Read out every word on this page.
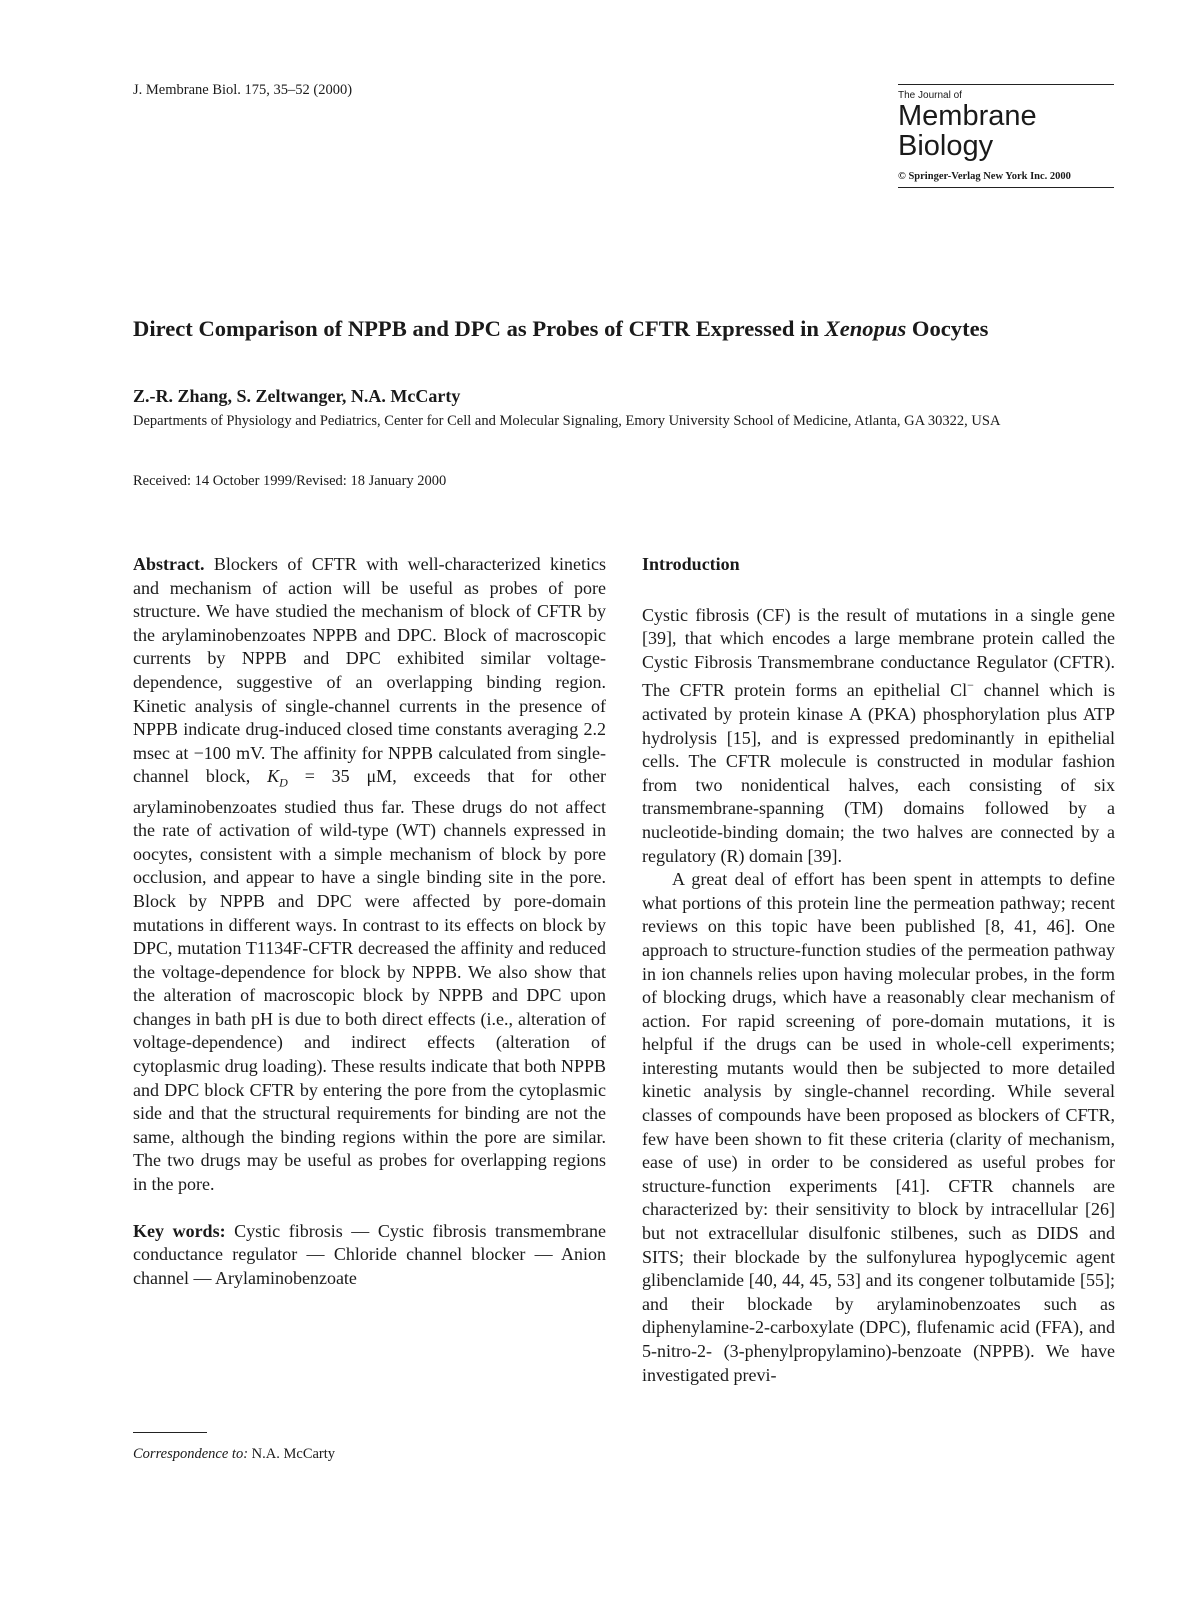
J. Membrane Biol. 175, 35–52 (2000)	The Journal of
Membrane
Biology
© Springer-Verlag New York Inc. 2000
Direct Comparison of NPPB and DPC as Probes of CFTR Expressed in Xenopus Oocytes
Z.-R. Zhang, S. Zeltwanger, N.A. McCarty
Departments of Physiology and Pediatrics, Center for Cell and Molecular Signaling, Emory University School of Medicine, Atlanta, GA 30322, USA
Received: 14 October 1999/Revised: 18 January 2000

Abstract. Blockers of CFTR with well-characterized kinetics and mechanism of action will be useful as probes of pore structure. We have studied the mechanism of block of CFTR by the arylaminobenzoates NPPB and DPC. Block of macroscopic currents by NPPB and DPC exhibited similar voltage-dependence, suggestive of an overlapping binding region. Kinetic analysis of single-channel currents in the presence of NPPB indicate drug-induced closed time constants averaging 2.2 msec at −100 mV. The affinity for NPPB calculated from single-channel block, $K_D = 35$ μM, exceeds that for other arylaminobenzoates studied thus far. These drugs do not affect the rate of activation of wild-type (WT) channels expressed in oocytes, consistent with a simple mechanism of block by pore occlusion, and appear to have a single binding site in the pore. Block by NPPB and DPC were affected by pore-domain mutations in different ways. In contrast to its effects on block by DPC, mutation T1134F-CFTR decreased the affinity and reduced the voltage-dependence for block by NPPB. We also show that the alteration of macroscopic block by NPPB and DPC upon changes in bath pH is due to both direct effects (i.e., alteration of voltage-dependence) and indirect effects (alteration of cytoplasmic drug loading). These results indicate that both NPPB and DPC block CFTR by entering the pore from the cytoplasmic side and that the structural requirements for binding are not the same, although the binding regions within the pore are similar. The two drugs may be useful as probes for overlapping regions in the pore.

Key words: Cystic fibrosis — Cystic fibrosis transmembrane conductance regulator — Chloride channel blocker — Anion channel — Arylaminobenzoate

Correspondence to: N.A. McCarty

Introduction

Cystic fibrosis (CF) is the result of mutations in a single gene [39], that which encodes a large membrane protein called the Cystic Fibrosis Transmembrane conductance Regulator (CFTR). The CFTR protein forms an epithelial Cl− channel which is activated by protein kinase A (PKA) phosphorylation plus ATP hydrolysis [15], and is expressed predominantly in epithelial cells. The CFTR molecule is constructed in modular fashion from two nonidentical halves, each consisting of six transmembrane-spanning (TM) domains followed by a nucleotide-binding domain; the two halves are connected by a regulatory (R) domain [39].

A great deal of effort has been spent in attempts to define what portions of this protein line the permeation pathway; recent reviews on this topic have been published [8, 41, 46]. One approach to structure-function studies of the permeation pathway in ion channels relies upon having molecular probes, in the form of blocking drugs, which have a reasonably clear mechanism of action. For rapid screening of pore-domain mutations, it is helpful if the drugs can be used in whole-cell experiments; interesting mutants would then be subjected to more detailed kinetic analysis by single-channel recording. While several classes of compounds have been proposed as blockers of CFTR, few have been shown to fit these criteria (clarity of mechanism, ease of use) in order to be considered as useful probes for structure-function experiments [41]. CFTR channels are characterized by: their sensitivity to block by intracellular [26] but not extracellular disulfonic stilbenes, such as DIDS and SITS; their blockade by the sulfonylurea hypoglycemic agent glibenclamide [40, 44, 45, 53] and its congener tolbutamide [55]; and their blockade by arylaminobenzoates such as diphenylamine-2-carboxylate (DPC), flufenamic acid (FFA), and 5-nitro-2- (3-phenylpropylamino)-benzoate (NPPB). We have investigated previ-
